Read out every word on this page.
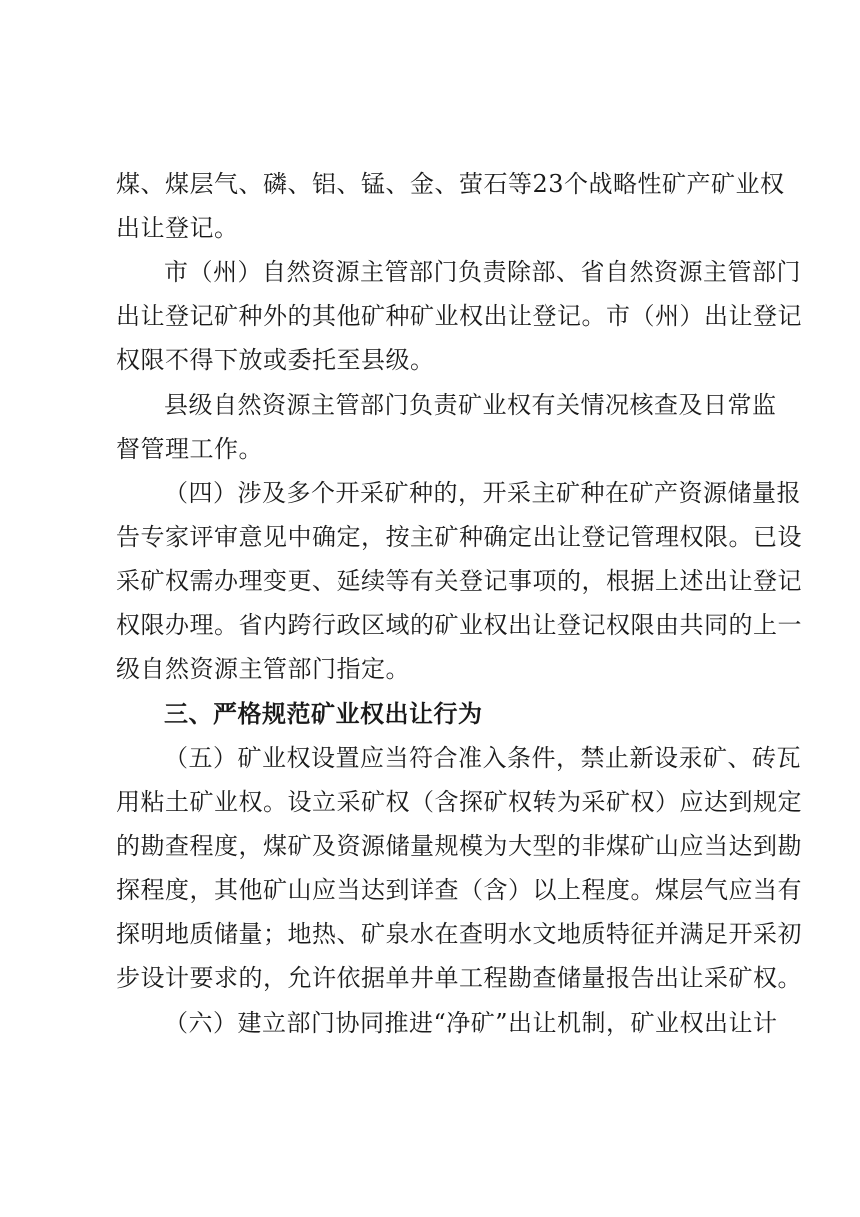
煤、煤层气、磷、铝、锰、金、萤石等23个战略性矿产矿业权
出让登记。
市（州）自然资源主管部门负责除部、省自然资源主管部门
出让登记矿种外的其他矿种矿业权出让登记。市（州）出让登记
权限不得下放或委托至县级。
县级自然资源主管部门负责矿业权有关情况核查及日常监
督管理工作。
（四）涉及多个开采矿种的，开采主矿种在矿产资源储量报
告专家评审意见中确定，按主矿种确定出让登记管理权限。已设
采矿权需办理变更、延续等有关登记事项的，根据上述出让登记
权限办理。省内跨行政区域的矿业权出让登记权限由共同的上一
级自然资源主管部门指定。
三、严格规范矿业权出让行为
（五）矿业权设置应当符合准入条件，禁止新设汞矿、砖瓦
用粘土矿业权。设立采矿权（含探矿权转为采矿权）应达到规定
的勘查程度，煤矿及资源储量规模为大型的非煤矿山应当达到勘
探程度，其他矿山应当达到详查（含）以上程度。煤层气应当有
探明地质储量；地热、矿泉水在查明水文地质特征并满足开采初
步设计要求的，允许依据单井单工程勘查储量报告出让采矿权。
（六）建立部门协同推进“净矿”出让机制，矿业权出让计
